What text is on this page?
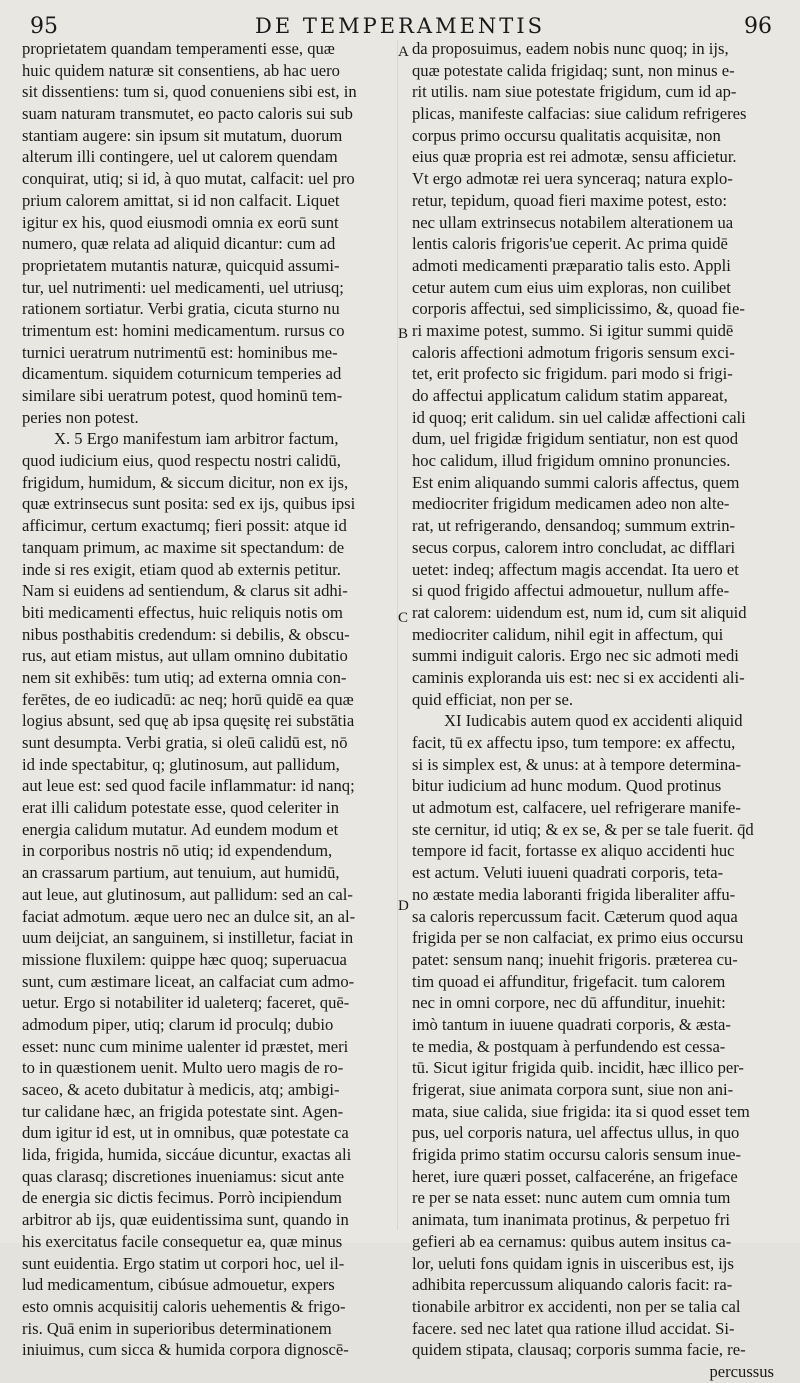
95	DE TEMPERAMENTIS	96
A
B
C
D
proprietatem quandam temperamenti esse, quæ
huic quidem naturæ sit consentiens, ab hac uero
sit dissentiens: tum si, quod conueniens sibi est, in
suam naturam transmutet, eo pacto caloris sui sub
stantiam augere: sin ipsum sit mutatum, duorum
alterum illi contingere, uel ut calorem quendam
conquirat, utiq; si id, à quo mutat, calfacit: uel pro
prium calorem amittat, si id non calfacit. Liquet
igitur ex his, quod eiusmodi omnia ex eorū sunt
numero, quæ relata ad aliquid dicantur: cum ad
proprietatem mutantis naturæ, quicquid assumi-
tur, uel nutrimenti: uel medicamenti, uel utriusq;
rationem sortiatur. Verbi gratia, cicuta sturno nu
trimentum est: homini medicamentum. rursus co
turnici ueratrum nutrimentū est: hominibus me-
dicamentum. siquidem coturnicum temperies ad
similare sibi ueratrum potest, quod hominū tem-
peries non potest.
X. 5 Ergo manifestum iam arbitror factum,
quod iudicium eius, quod respectu nostri calidū,
frigidum, humidum, & siccum dicitur, non ex ijs,
quæ extrinsecus sunt posita: sed ex ijs, quibus ipsi
afficimur, certum exactumq; fieri possit: atque id
tanquam primum, ac maxime sit spectandum: de
inde si res exigit, etiam quod ab externis petitur.
Nam si euidens ad sentiendum, & clarus sit adhi-
biti medicamenti effectus, huic reliquis notis om
nibus posthabitis credendum: si debilis, & obscu-
rus, aut etiam mistus, aut ullam omnino dubitatio
nem sit exhibēs: tum utiq; ad externa omnia con-
ferētes, de eo iudicadū: ac neq; horū quidē ea quæ
logius absunt, sed quę ab ipsa quęsitę rei substātia
sunt desumpta. Verbi gratia, si oleū calidū est, nō
id inde spectabitur, q; glutinosum, aut pallidum,
aut leue est: sed quod facile inflammatur: id nanq;
erat illi calidum potestate esse, quod celeriter in
energia calidum mutatur. Ad eundem modum et
in corporibus nostris nō utiq; id expendendum,
an crassarum partium, aut tenuium, aut humidū,
aut leue, aut glutinosum, aut pallidum: sed an cal-
faciat admotum. æque uero nec an dulce sit, an al-
uum deijciat, an sanguinem, si instilletur, faciat in
missione fluxilem: quippe hæc quoq; superuacua
sunt, cum æstimare liceat, an calfaciat cum admo-
uetur. Ergo si notabiliter id ualeterq; faceret, quē-
admodum piper, utiq; clarum id proculq; dubio
esset: nunc cum minime ualenter id præstet, meri
to in quæstionem uenit. Multo uero magis de ro-
saceo, & aceto dubitatur à medicis, atq; ambigi-
tur calidane hæc, an frigida potestate sint. Agen-
dum igitur id est, ut in omnibus, quæ potestate ca
lida, frigida, humida, siccáue dicuntur, exactas ali
quas clarasq; discretiones inueniamus: sicut ante
de energia sic dictis fecimus. Porrò incipiendum
arbitror ab ijs, quæ euidentissima sunt, quando in
his exercitatus facile consequetur ea, quæ minus
sunt euidentia. Ergo statim ut corpori hoc, uel il-
lud medicamentum, cibúsue admouetur, expers
esto omnis acquisitij caloris uehementis & frigo-
ris. Quā enim in superioribus determinationem
iniuimus, cum sicca & humida corpora dignoscē-
da proposuimus, eadem nobis nunc quoq; in ijs,
quæ potestate calida frigidaq; sunt, non minus e-
rit utilis. nam siue potestate frigidum, cum id ap-
plicas, manifeste calfacias: siue calidum refrigeres
corpus primo occursu qualitatis acquisitæ, non
eius quæ propria est rei admotæ, sensu afficietur.
Vt ergo admotæ rei uera synceraq; natura explo-
retur, tepidum, quoad fieri maxime potest, esto:
nec ullam extrinsecus notabilem alterationem ua
lentis caloris frigoris'ue ceperit. Ac prima quidē
admoti medicamenti præparatio talis esto. Appli
cetur autem cum eius uim exploras, non cuilibet
corporis affectui, sed simplicissimo, &, quoad fie-
ri maxime potest, summo. Si igitur summi quidē
caloris affectioni admotum frigoris sensum exci-
tet, erit profecto sic frigidum. pari modo si frigi-
do affectui applicatum calidum statim appareat,
id quoq; erit calidum. sin uel calidæ affectioni cali
dum, uel frigidæ frigidum sentiatur, non est quod
hoc calidum, illud frigidum omnino pronuncies.
Est enim aliquando summi caloris affectus, quem
mediocriter frigidum medicamen adeo non alte-
rat, ut refrigerando, densandoq; summum extrin-
secus corpus, calorem intro concludat, ac difflari
uetet: indeq; affectum magis accendat. Ita uero et
si quod frigido affectui admouetur, nullum affe-
rat calorem: uidendum est, num id, cum sit aliquid
mediocriter calidum, nihil egit in affectum, qui
summi indiguit caloris. Ergo nec sic admoti medi
caminis exploranda uis est: nec si ex accidenti ali-
quid efficiat, non per se.
XI Iudicabis autem quod ex accidenti aliquid
facit, tū ex affectu ipso, tum tempore: ex affectu,
si is simplex est, & unus: at à tempore determina-
bitur iudicium ad hunc modum. Quod protinus
ut admotum est, calfacere, uel refrigerare manife-
ste cernitur, id utiq; & ex se, & per se tale fuerit. q̄d
tempore id facit, fortasse ex aliquo accidenti huc
est actum. Veluti iuueni quadrati corporis, teta-
no æstate media laboranti frigida liberaliter affu-
sa caloris repercussum facit. Cæterum quod aqua
frigida per se non calfaciat, ex primo eius occursu
patet: sensum nanq; inuehit frigoris. præterea cu-
tim quoad ei affunditur, frigefacit. tum calorem
nec in omni corpore, nec dū affunditur, inuehit:
imò tantum in iuuene quadrati corporis, & æsta-
te media, & postquam à perfundendo est cessa-
tū. Sicut igitur frigida quib. incidit, hæc illico per-
frigerat, siue animata corpora sunt, siue non ani-
mata, siue calida, siue frigida: ita si quod esset tem
pus, uel corporis natura, uel affectus ullus, in quo
frigida primo statim occursu caloris sensum inue-
heret, iure quæri posset, calfaceréne, an frigeface
re per se nata esset: nunc autem cum omnia tum
animata, tum inanimata protinus, & perpetuo fri
gefieri ab ea cernamus: quibus autem insitus ca-
lor, ueluti fons quidam ignis in uisceribus est, ijs
adhibita repercussum aliquando caloris facit: ra-
tionabile arbitror ex accidenti, non per se talia cal
facere. sed nec latet qua ratione illud accidat. Si-
quidem stipata, clausaq; corporis summa facie, re-
percussus
